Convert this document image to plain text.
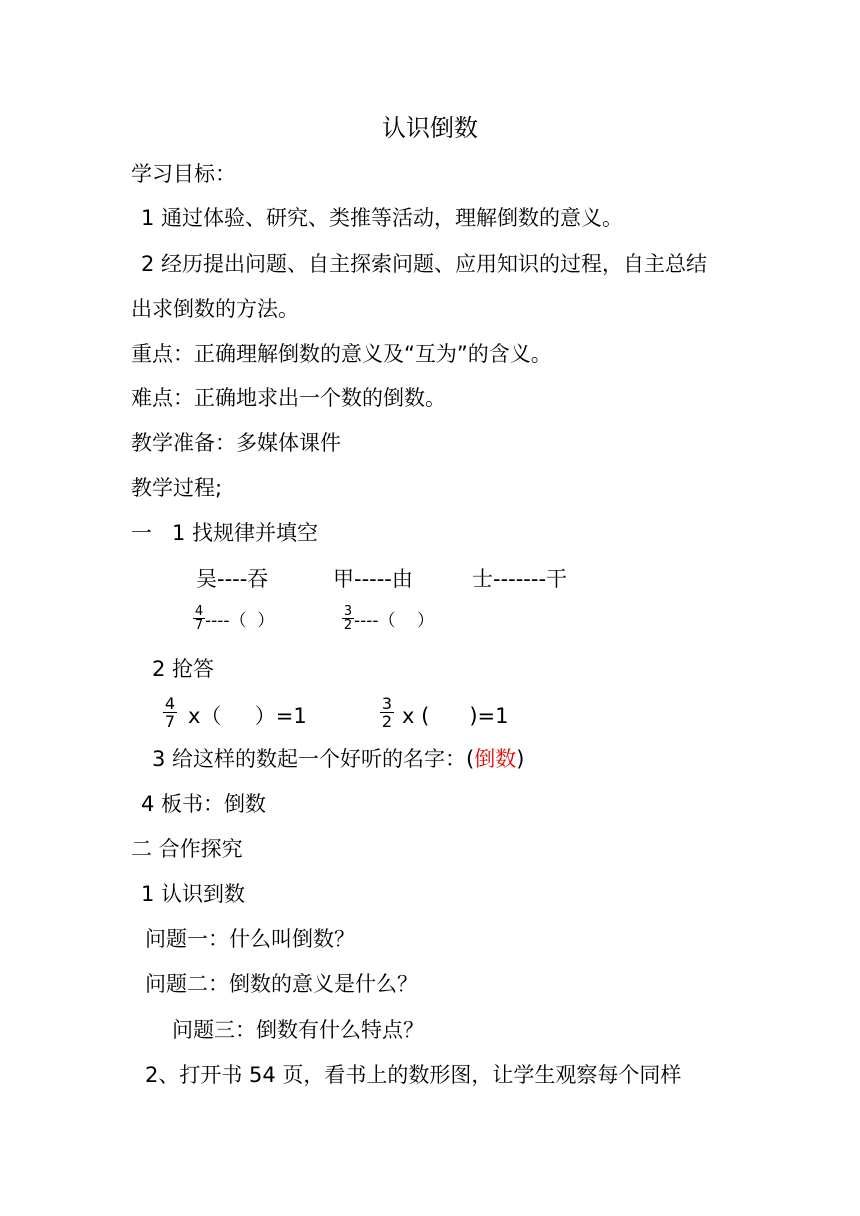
认识倒数
学习目标：
1 通过体验、研究、类推等活动，理解倒数的意义。
2 经历提出问题、自主探索问题、应用知识的过程，自主总结
出求倒数的方法。
重点：正确理解倒数的意义及“互为”的含义。
难点：正确地求出一个数的倒数。
教学准备：多媒体课件
教学过程;
一 1 找规律并填空
吴----吞	甲-----由	士-------干
$\frac{4}{7}$ ----（  ）	$\frac{3}{2}$ ----（    ）
2 抢答
$\frac{4}{7} x$（     ）=1	$\frac{3}{2}$ x (      )=1
3 给这样的数起一个好听的名字：(倒数)
4 板书：倒数
二 合作探究
1 认识到数
问题一：什么叫倒数？
问题二：倒数的意义是什么？
问题三：倒数有什么特点？
2、打开书 54 页，看书上的数形图，让学生观察每个同样
